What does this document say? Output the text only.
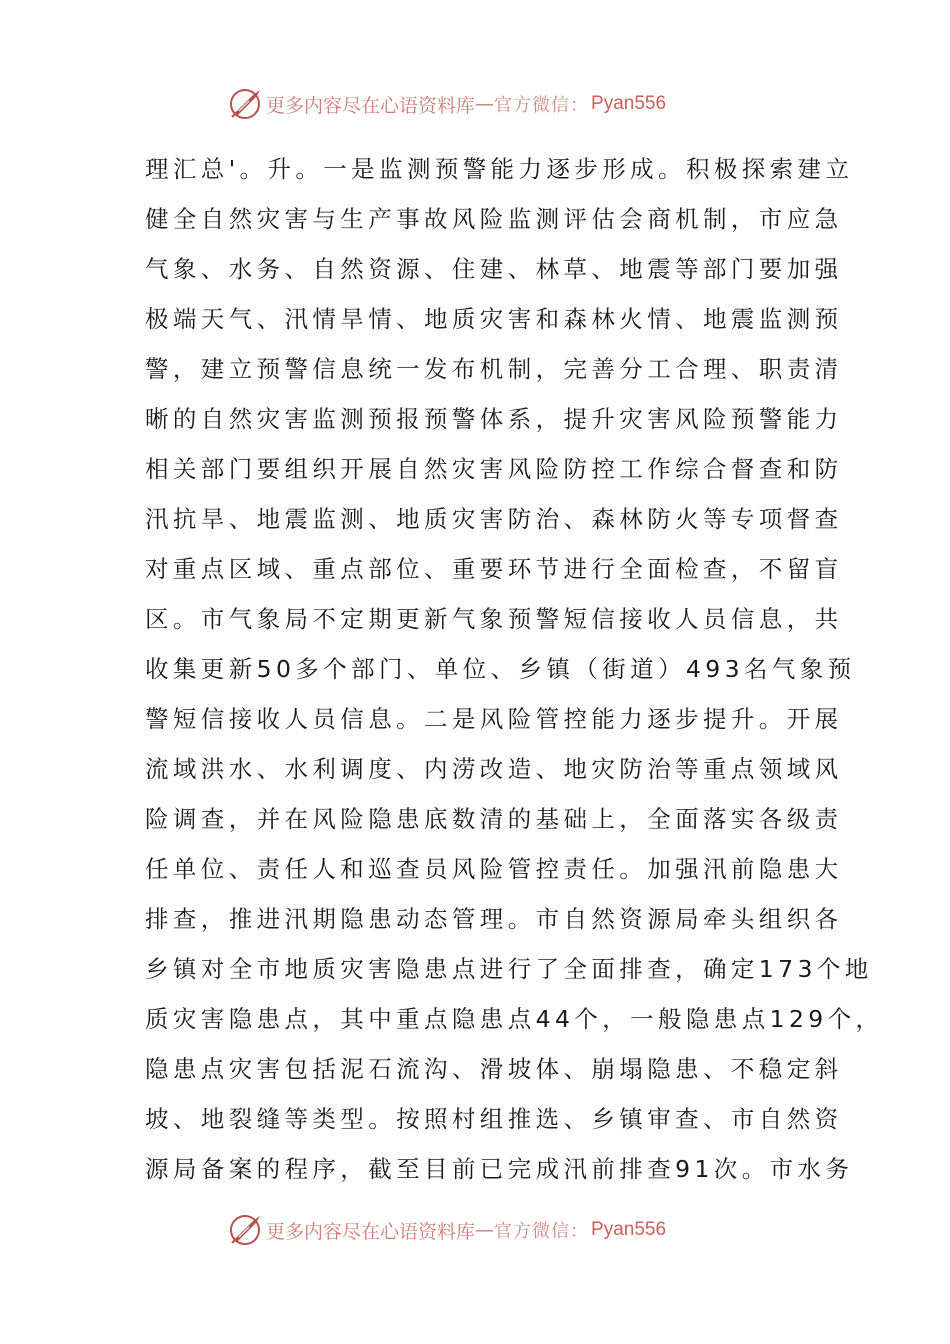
更多内容尽在心语资料库 — 官方微信： Pyan556
理汇总'。升。一是监测预警能力逐步形成。积极探索建立
健全自然灾害与生产事故风险监测评估会商机制，市应急
气象、水务、自然资源、住建、林草、地震等部门要加强
极端天气、汛情旱情、地质灾害和森林火情、地震监测预
警，建立预警信息统一发布机制，完善分工合理、职责清
晰的自然灾害监测预报预警体系，提升灾害风险预警能力
相关部门要组织开展自然灾害风险防控工作综合督查和防
汛抗旱、地震监测、地质灾害防治、森林防火等专项督查
对重点区域、重点部位、重要环节进行全面检查，不留盲
区。市气象局不定期更新气象预警短信接收人员信息，共
收集更新50多个部门、单位、乡镇（街道）493名气象预
警短信接收人员信息。二是风险管控能力逐步提升。开展
流域洪水、水利调度、内涝改造、地灾防治等重点领域风
险调查，并在风险隐患底数清的基础上，全面落实各级责
任单位、责任人和巡查员风险管控责任。加强汛前隐患大
排查，推进汛期隐患动态管理。市自然资源局牵头组织各
乡镇对全市地质灾害隐患点进行了全面排查，确定173个地
质灾害隐患点，其中重点隐患点44个，一般隐患点129个，
隐患点灾害包括泥石流沟、滑坡体、崩塌隐患、不稳定斜
坡、地裂缝等类型。按照村组推选、乡镇审查、市自然资
源局备案的程序，截至目前已完成汛前排查91次。市水务
更多内容尽在心语资料库 — 官方微信： Pyan556
